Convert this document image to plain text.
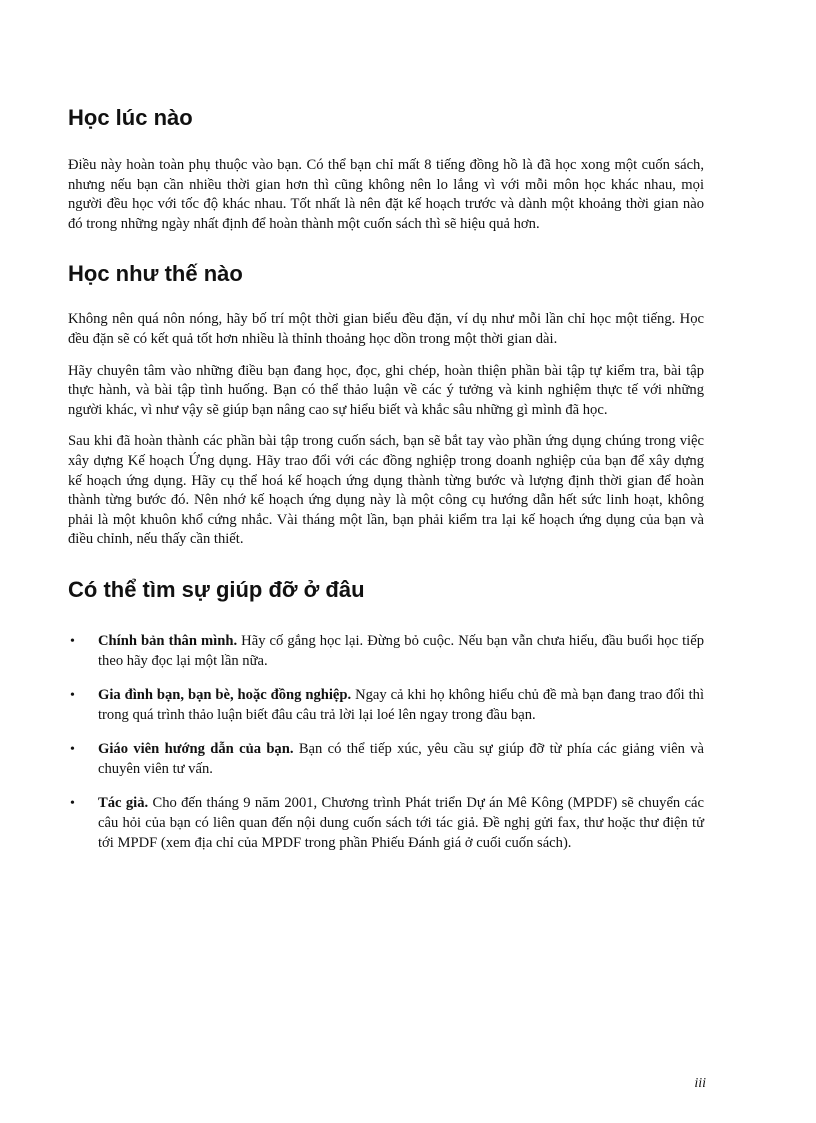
Học lúc nào

Điều này hoàn toàn phụ thuộc vào bạn. Có thể bạn chỉ mất 8 tiếng đồng hồ là đã học xong một cuốn sách, nhưng nếu bạn cần nhiều thời gian hơn thì cũng không nên lo lắng vì với mỗi môn học khác nhau, mọi người đều học với tốc độ khác nhau. Tốt nhất là nên đặt kế hoạch trước và dành một khoảng thời gian nào đó trong những ngày nhất định để hoàn thành một cuốn sách thì sẽ hiệu quả hơn.

Học như thế nào

Không nên quá nôn nóng, hãy bố trí một thời gian biểu đều đặn, ví dụ như mỗi lần chỉ học một tiếng. Học đều đặn sẽ có kết quả tốt hơn nhiều là thỉnh thoảng học dồn trong một thời gian dài.

Hãy chuyên tâm vào những điều bạn đang học, đọc, ghi chép, hoàn thiện phần bài tập tự kiểm tra, bài tập thực hành, và bài tập tình huống. Bạn có thể thảo luận về các ý tưởng và kinh nghiệm thực tế với những người khác, vì như vậy sẽ giúp bạn nâng cao sự hiểu biết và khắc sâu những gì mình đã học.

Sau khi đã hoàn thành các phần bài tập trong cuốn sách, bạn sẽ bắt tay vào phần ứng dụng chúng trong việc xây dựng Kế hoạch Ứng dụng. Hãy trao đổi với các đồng nghiệp trong doanh nghiệp của bạn để xây dựng kế hoạch ứng dụng. Hãy cụ thể hoá kế hoạch ứng dụng thành từng bước và lượng định thời gian để hoàn thành từng bước đó. Nên nhớ kế hoạch ứng dụng này là một công cụ hướng dẫn hết sức linh hoạt, không phải là một khuôn khổ cứng nhắc. Vài tháng một lần, bạn phải kiểm tra lại kế hoạch ứng dụng của bạn và điều chỉnh, nếu thấy cần thiết.

Có thể tìm sự giúp đỡ ở đâu
• Chính bản thân mình. Hãy cố gắng học lại. Đừng bỏ cuộc. Nếu bạn vẫn chưa hiểu, đầu buổi học tiếp theo hãy đọc lại một lần nữa.
• Gia đình bạn, bạn bè, hoặc đồng nghiệp. Ngay cả khi họ không hiểu chủ đề mà bạn đang trao đổi thì trong quá trình thảo luận biết đâu câu trả lời lại loé lên ngay trong đầu bạn.
• Giáo viên hướng dẫn của bạn. Bạn có thể tiếp xúc, yêu cầu sự giúp đỡ từ phía các giảng viên và chuyên viên tư vấn.
• Tác giả. Cho đến tháng 9 năm 2001, Chương trình Phát triển Dự án Mê Kông (MPDF) sẽ chuyển các câu hỏi của bạn có liên quan đến nội dung cuốn sách tới tác giả. Đề nghị gửi fax, thư hoặc thư điện tử tới MPDF (xem địa chỉ của MPDF trong phần Phiếu Đánh giá ở cuối cuốn sách).
iii
